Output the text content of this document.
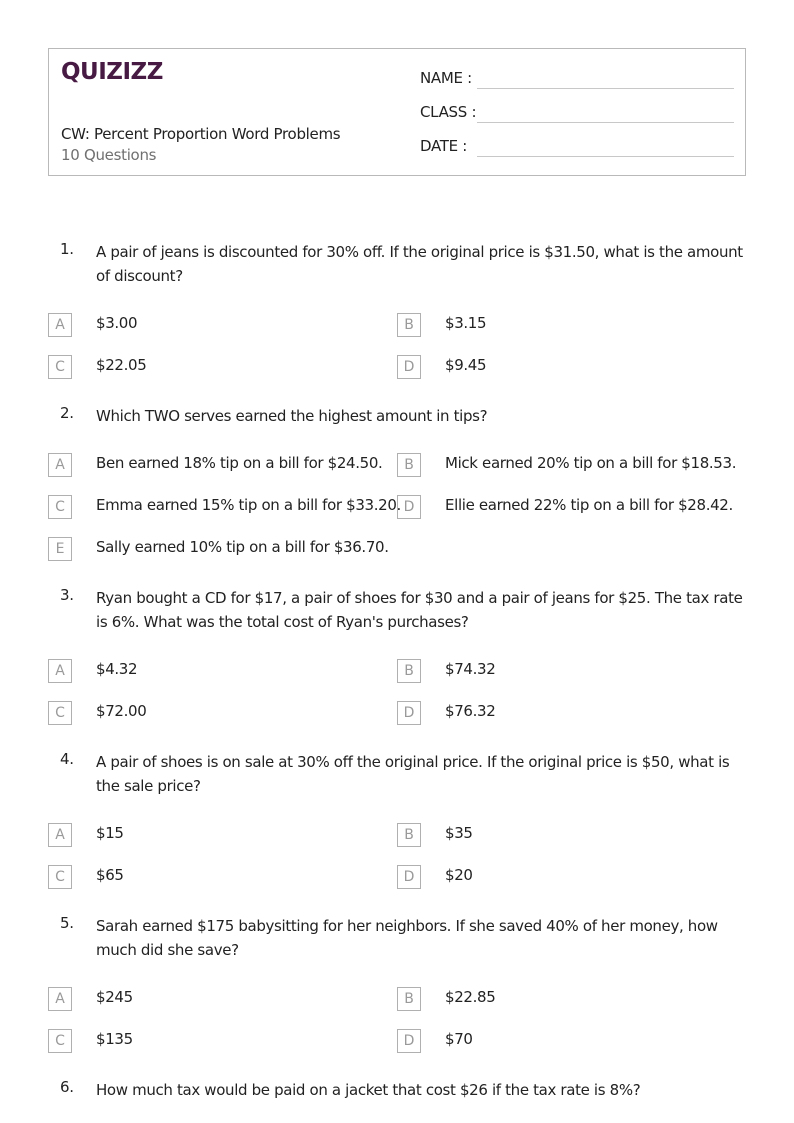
QUIZIZZ
CW: Percent Proportion Word Problems
10 Questions
NAME :
CLASS :
DATE :
1. A pair of jeans is discounted for 30% off. If the original price is $31.50, what is the amount of discount?
A	$3.00	B	$3.15
C	$22.05	D	$9.45
2. Which TWO serves earned the highest amount in tips?
A	Ben earned 18% tip on a bill for $24.50.	B	Mick earned 20% tip on a bill for $18.53.
C	Emma earned 15% tip on a bill for $33.20. D	Ellie earned 22% tip on a bill for $28.42.
E	Sally earned 10% tip on a bill for $36.70.
3. Ryan bought a CD for $17, a pair of shoes for $30 and a pair of jeans for $25. The tax rate is 6%. What was the total cost of Ryan's purchases?
A	$4.32	B	$74.32
C	$72.00	D	$76.32
4. A pair of shoes is on sale at 30% off the original price. If the original price is $50, what is the sale price?
A	$15	B	$35
C	$65	D	$20
5. Sarah earned $175 babysitting for her neighbors. If she saved 40% of her money, how much did she save?
A	$245	B	$22.85
C	$135	D	$70
6. How much tax would be paid on a jacket that cost $26 if the tax rate is 8%?
